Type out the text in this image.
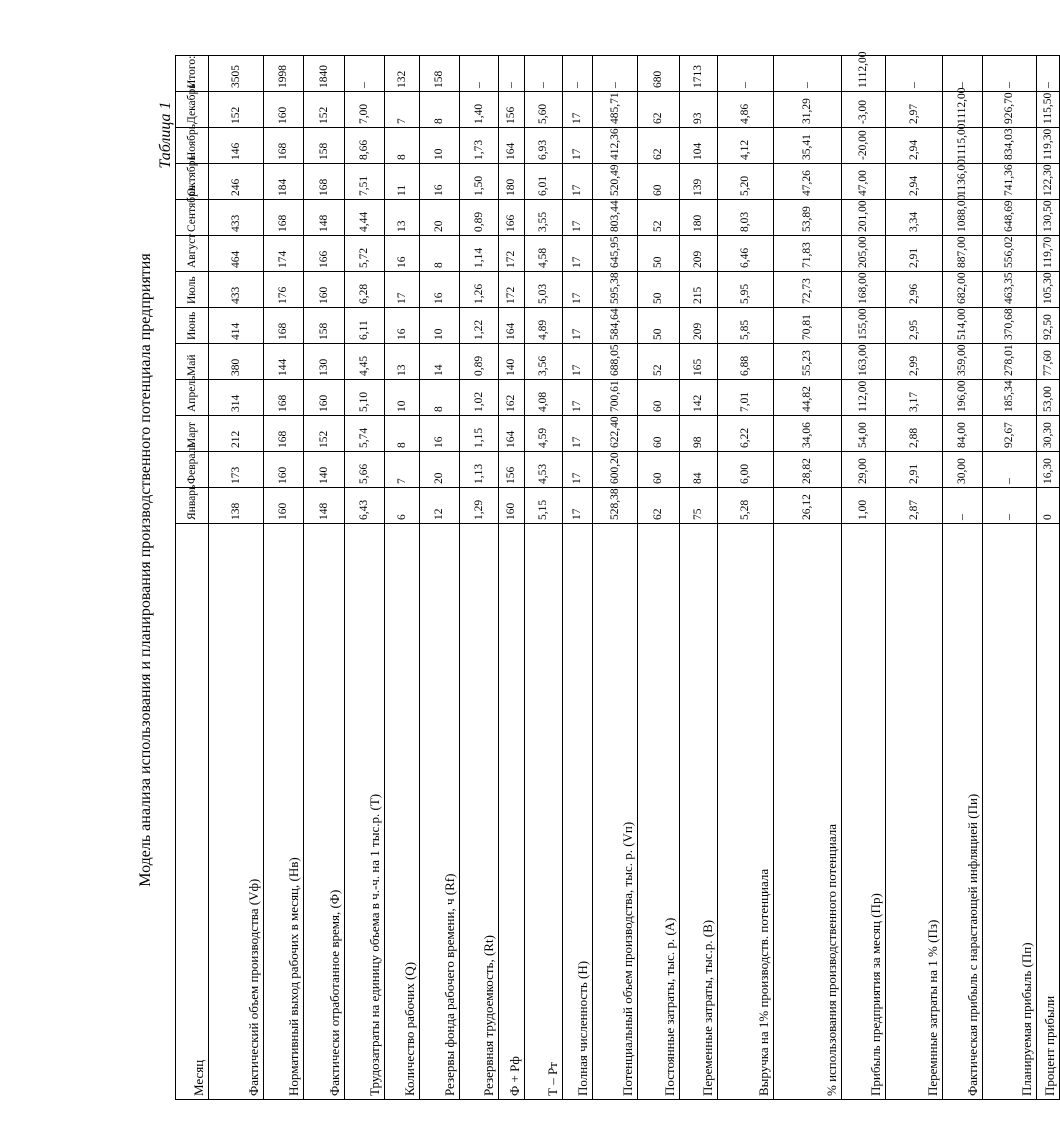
Модель анализа использования и планирования производственного потенциала предприятия
Таблица 1
Месяц	Январь	Февраль	Март	Апрель	Май	Июнь	Июль	Август	Сентябрь	Октябрь	Ноябрь	Декабрь	Итого:
Фактический объем производства (Vф)	138	173	212	314	380	414	433	464	433	246	146	152	3505
Нормативный выход рабочих в месяц, (Нв)	160	160	168	168	144	168	176	174	168	184	168	160	1998
Фактически отработанное время, (Ф)	148	140	152	160	130	158	160	166	148	168	158	152	1840
Трудозатраты на единицу объема в ч.-ч. на 1 тыс.р. (Т)	6,43	5,66	5,74	5,10	4,45	6,11	6,28	5,72	4,44	7,51	8,66	7,00	–
Количество рабочих (Q)	6	7	8	10	13	16	17	16	13	11	8	7	132
Резервы фонда рабочего времени, ч (Rf)	12	20	16	8	14	10	16	8	20	16	10	8	158
Резервная трудоемкость, (Rt)	1,29	1,13	1,15	1,02	0,89	1,22	1,26	1,14	0,89	1,50	1,73	1,40	–
Ф + Рф	160	156	164	162	140	164	172	172	166	180	164	156	–
Т – Рт	5,15	4,53	4,59	4,08	3,56	4,89	5,03	4,58	3,55	6,01	6,93	5,60	–
Полная численность (Н)	17	17	17	17	17	17	17	17	17	17	17	17	–
Потенциальный объем производства, тыс. р. (Vп)	528,38	600,20	622,40	700,61	688,05	584,64	595,38	645,95	803,44	520,49	412,36	485,71	–
Постоянные затраты, тыс. р. (А)	62	60	60	60	52	50	50	50	52	60	62	62	680
Переменные затраты, тыс.р. (В)	75	84	98	142	165	209	215	209	180	139	104	93	1713
Выручка на 1% производств. потенциала	5,28	6,00	6,22	7,01	6,88	5,85	5,95	6,46	8,03	5,20	4,12	4,86	–
% использования производственного потенциала	26,12	28,82	34,06	44,82	55,23	70,81	72,73	71,83	53,89	47,26	35,41	31,29	–
Прибыль предприятия за месяц (Пр)	1,00	29,00	54,00	112,00	163,00	155,00	168,00	205,00	201,00	47,00	-20,00	-3,00	1112,00
Перемнные затраты на 1 % (Пз)	2,87	2,91	2,88	3,17	2,99	2,95	2,96	2,91	3,34	2,94	2,94	2,97	–
Фактическая прибыль с нарастающей инфляцией (Пи)	–	30,00	84,00	196,00	359,00	514,00	682,00	887,00	1088,00	1136,00	1115,00	1112,00	–
Планируемая прибыль (Пп)	–	–	92,67	185,34	278,01	370,68	463,35	556,02	648,69	741,36	834,03	926,70	–
Процент прибыли	0	16,30	30,30	53,00	77,60	92,50	105,30	119,70	130,50	122,30	119,30	115,50	–
